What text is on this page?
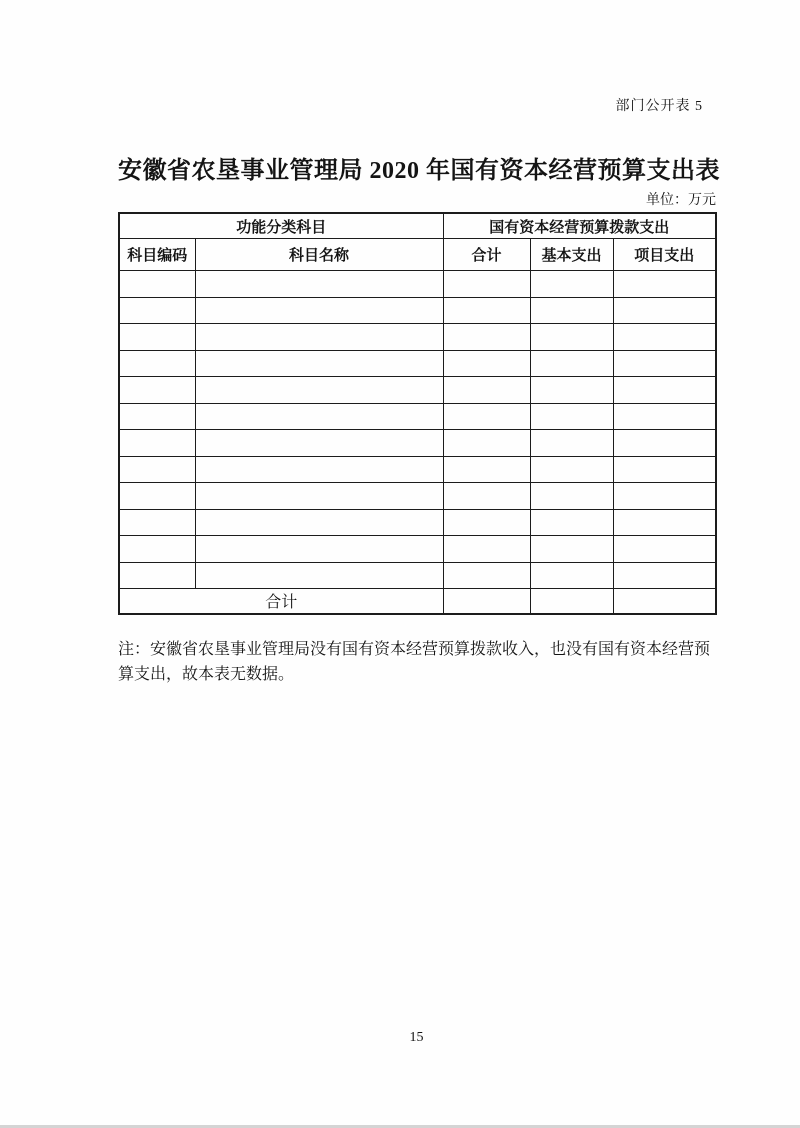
部门公开表 5
安徽省农垦事业管理局 2020 年国有资本经营预算支出表
单位：万元
功能分类科目		国有资本经营预算拨款支出		
科目编码	科目名称	合计	基本支出	项目支出

合计				

注：安徽省农垦事业管理局没有国有资本经营预算拨款收入，也没有国有资本经营预算支出，故本表无数据。

15
